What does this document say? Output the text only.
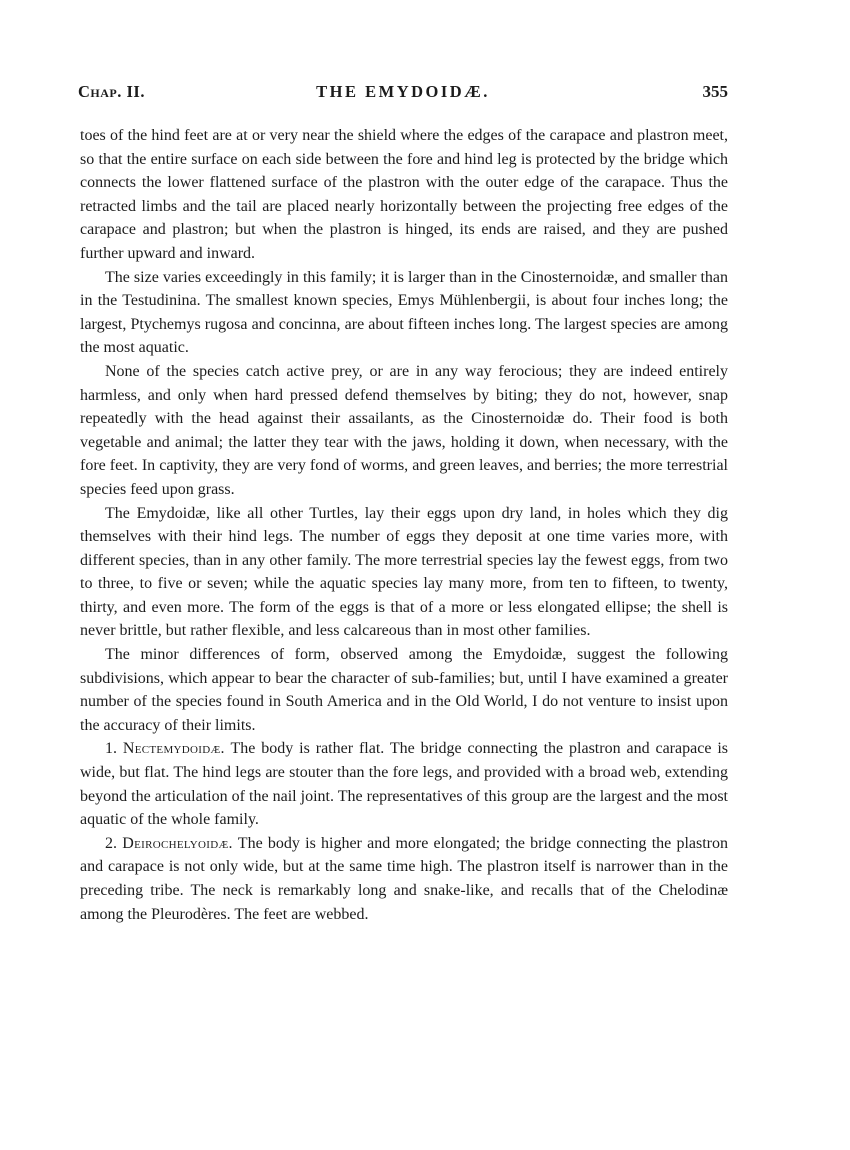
Chap. II.	THE EMYDOIDÆ.	355

toes of the hind feet are at or very near the shield where the edges of the carapace and plastron meet, so that the entire surface on each side between the fore and hind leg is protected by the bridge which connects the lower flattened surface of the plastron with the outer edge of the carapace. Thus the retracted limbs and the tail are placed nearly horizontally between the projecting free edges of the carapace and plastron; but when the plastron is hinged, its ends are raised, and they are pushed further upward and inward.

The size varies exceedingly in this family; it is larger than in the Cinosternoidæ, and smaller than in the Testudinina. The smallest known species, Emys Mühlenbergii, is about four inches long; the largest, Ptychemys rugosa and concinna, are about fifteen inches long. The largest species are among the most aquatic.

None of the species catch active prey, or are in any way ferocious; they are indeed entirely harmless, and only when hard pressed defend themselves by biting; they do not, however, snap repeatedly with the head against their assailants, as the Cinosternoidæ do. Their food is both vegetable and animal; the latter they tear with the jaws, holding it down, when necessary, with the fore feet. In captivity, they are very fond of worms, and green leaves, and berries; the more terrestrial species feed upon grass.

The Emydoidæ, like all other Turtles, lay their eggs upon dry land, in holes which they dig themselves with their hind legs. The number of eggs they deposit at one time varies more, with different species, than in any other family. The more terrestrial species lay the fewest eggs, from two to three, to five or seven; while the aquatic species lay many more, from ten to fifteen, to twenty, thirty, and even more. The form of the eggs is that of a more or less elongated ellipse; the shell is never brittle, but rather flexible, and less calcareous than in most other families.

The minor differences of form, observed among the Emydoidæ, suggest the following subdivisions, which appear to bear the character of sub-families; but, until I have examined a greater number of the species found in South America and in the Old World, I do not venture to insist upon the accuracy of their limits.

1. Nectemydoidæ. The body is rather flat. The bridge connecting the plastron and carapace is wide, but flat. The hind legs are stouter than the fore legs, and provided with a broad web, extending beyond the articulation of the nail joint. The representatives of this group are the largest and the most aquatic of the whole family.

2. Deirochelyoidæ. The body is higher and more elongated; the bridge connecting the plastron and carapace is not only wide, but at the same time high. The plastron itself is narrower than in the preceding tribe. The neck is remarkably long and snake-like, and recalls that of the Chelodinæ among the Pleurodères. The feet are webbed.
